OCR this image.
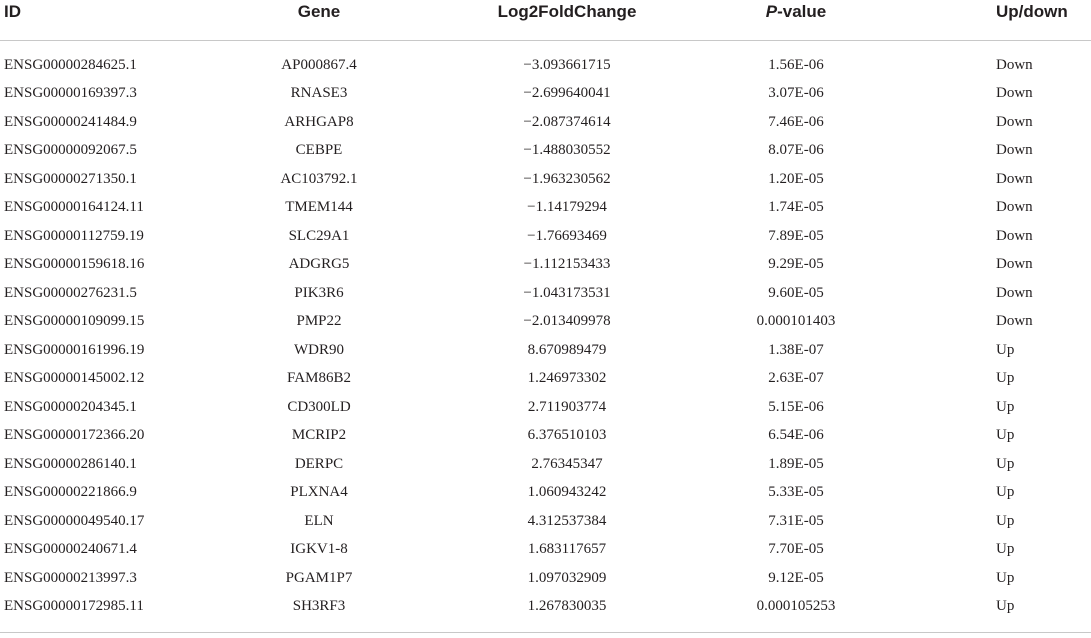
ID	Gene	Log2FoldChange	P-value	Up/down

ENSG00000284625.1	AP000867.4	−3.093661715	1.56E-06	Down
ENSG00000169397.3	RNASE3	−2.699640041	3.07E-06	Down
ENSG00000241484.9	ARHGAP8	−2.087374614	7.46E-06	Down
ENSG00000092067.5	CEBPE	−1.488030552	8.07E-06	Down
ENSG00000271350.1	AC103792.1	−1.963230562	1.20E-05	Down
ENSG00000164124.11	TMEM144	−1.14179294	1.74E-05	Down
ENSG00000112759.19	SLC29A1	−1.76693469	7.89E-05	Down
ENSG00000159618.16	ADGRG5	−1.112153433	9.29E-05	Down
ENSG00000276231.5	PIK3R6	−1.043173531	9.60E-05	Down
ENSG00000109099.15	PMP22	−2.013409978	0.000101403	Down
ENSG00000161996.19	WDR90	8.670989479	1.38E-07	Up
ENSG00000145002.12	FAM86B2	1.246973302	2.63E-07	Up
ENSG00000204345.1	CD300LD	2.711903774	5.15E-06	Up
ENSG00000172366.20	MCRIP2	6.376510103	6.54E-06	Up
ENSG00000286140.1	DERPC	2.76345347	1.89E-05	Up
ENSG00000221866.9	PLXNA4	1.060943242	5.33E-05	Up
ENSG00000049540.17	ELN	4.312537384	7.31E-05	Up
ENSG00000240671.4	IGKV1-8	1.683117657	7.70E-05	Up
ENSG00000213997.3	PGAM1P7	1.097032909	9.12E-05	Up
ENSG00000172985.11	SH3RF3	1.267830035	0.000105253	Up
